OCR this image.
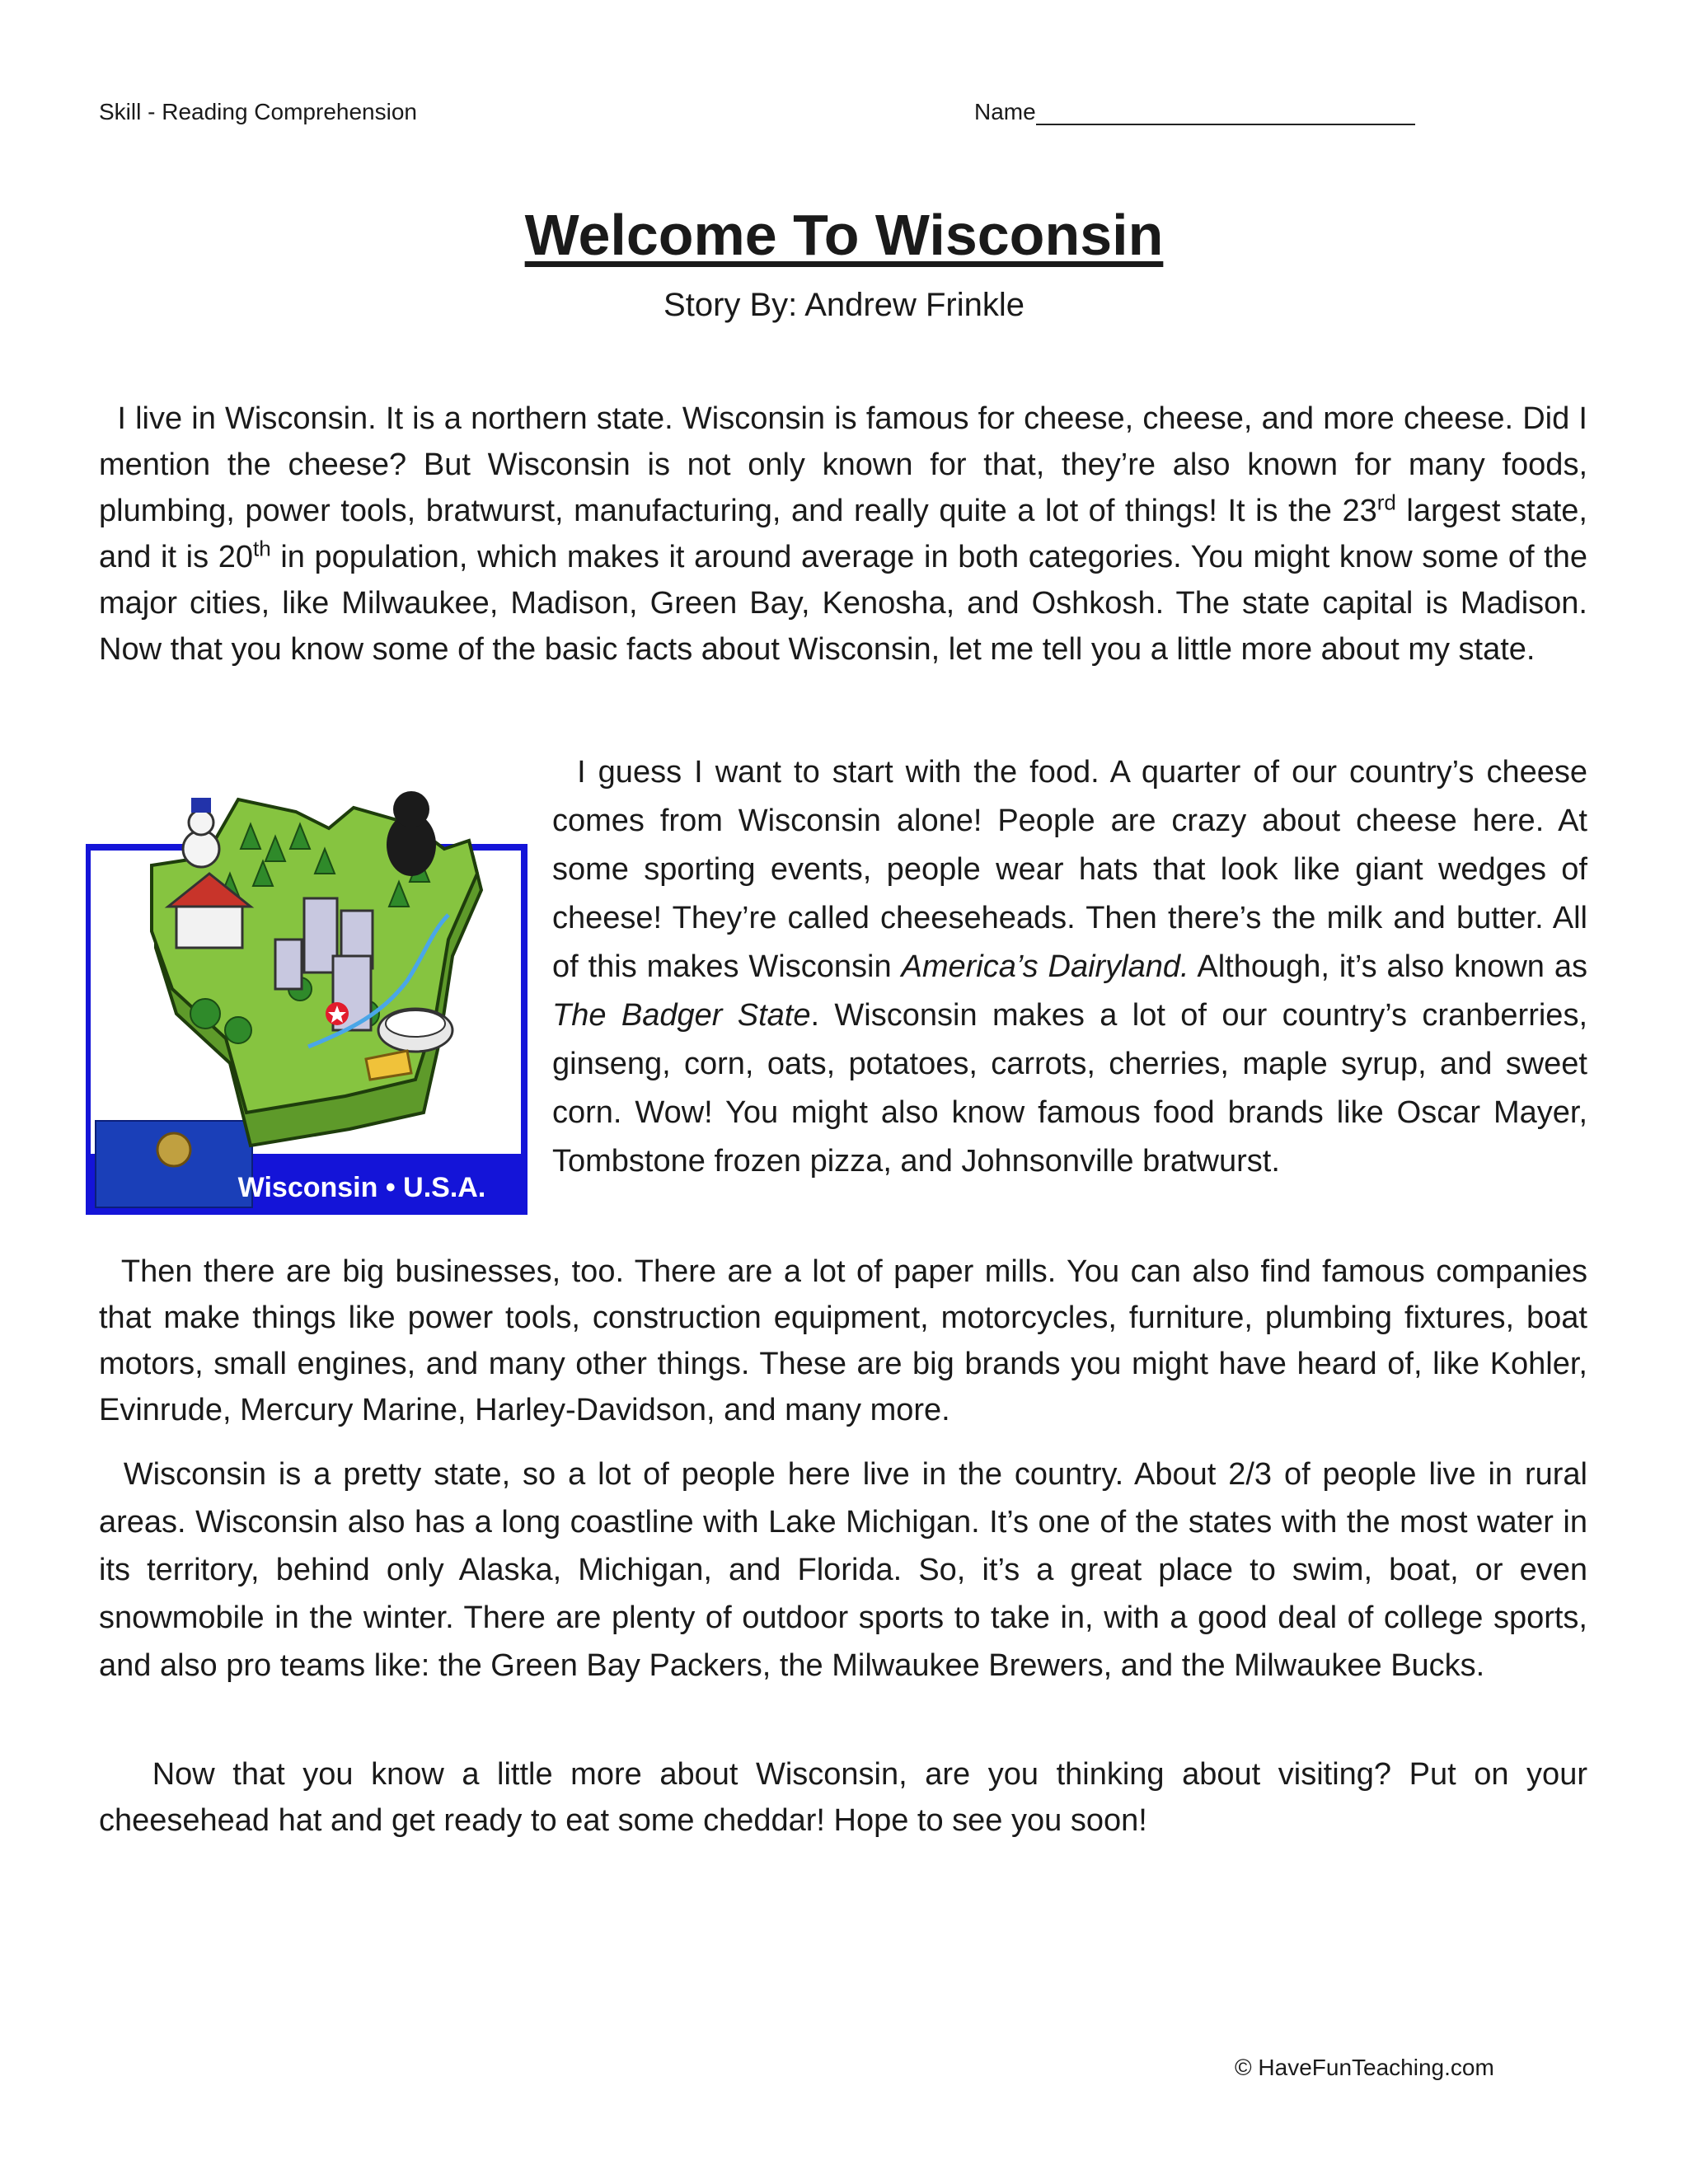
Skill - Reading Comprehension	Name
Welcome To Wisconsin
Story By: Andrew Frinkle

I live in Wisconsin. It is a northern state. Wisconsin is famous for cheese, cheese, and more cheese. Did I mention the cheese? But Wisconsin is not only known for that, they’re also known for many foods, plumbing, power tools, bratwurst, manufacturing, and really quite a lot of things! It is the 23rd largest state, and it is 20th in population, which makes it around average in both categories. You might know some of the major cities, like Milwaukee, Madison, Green Bay, Kenosha, and Oshkosh. The state capital is Madison. Now that you know some of the basic facts about Wisconsin, let me tell you a little more about my state.

Wisconsin • U.S.A.

I guess I want to start with the food. A quarter of our country’s cheese comes from Wisconsin alone! People are crazy about cheese here. At some sporting events, people wear hats that look like giant wedges of cheese! They’re called cheeseheads. Then there’s the milk and butter. All of this makes Wisconsin America’s Dairyland. Although, it’s also known as The Badger State. Wisconsin makes a lot of our country’s cranberries, ginseng, corn, oats, potatoes, carrots, cherries, maple syrup, and sweet corn. Wow! You might also know famous food brands like Oscar Mayer, Tombstone frozen pizza, and Johnsonville bratwurst.

Then there are big businesses, too. There are a lot of paper mills. You can also find famous companies that make things like power tools, construction equipment, motorcycles, furniture, plumbing fixtures, boat motors, small engines, and many other things. These are big brands you might have heard of, like Kohler, Evinrude, Mercury Marine, Harley-Davidson, and many more.

Wisconsin is a pretty state, so a lot of people here live in the country. About 2/3 of people live in rural areas. Wisconsin also has a long coastline with Lake Michigan. It’s one of the states with the most water in its territory, behind only Alaska, Michigan, and Florida. So, it’s a great place to swim, boat, or even snowmobile in the winter. There are plenty of outdoor sports to take in, with a good deal of college sports, and also pro teams like: the Green Bay Packers, the Milwaukee Brewers, and the Milwaukee Bucks.

Now that you know a little more about Wisconsin, are you thinking about visiting? Put on your cheesehead hat and get ready to eat some cheddar! Hope to see you soon!

© HaveFunTeaching.com
